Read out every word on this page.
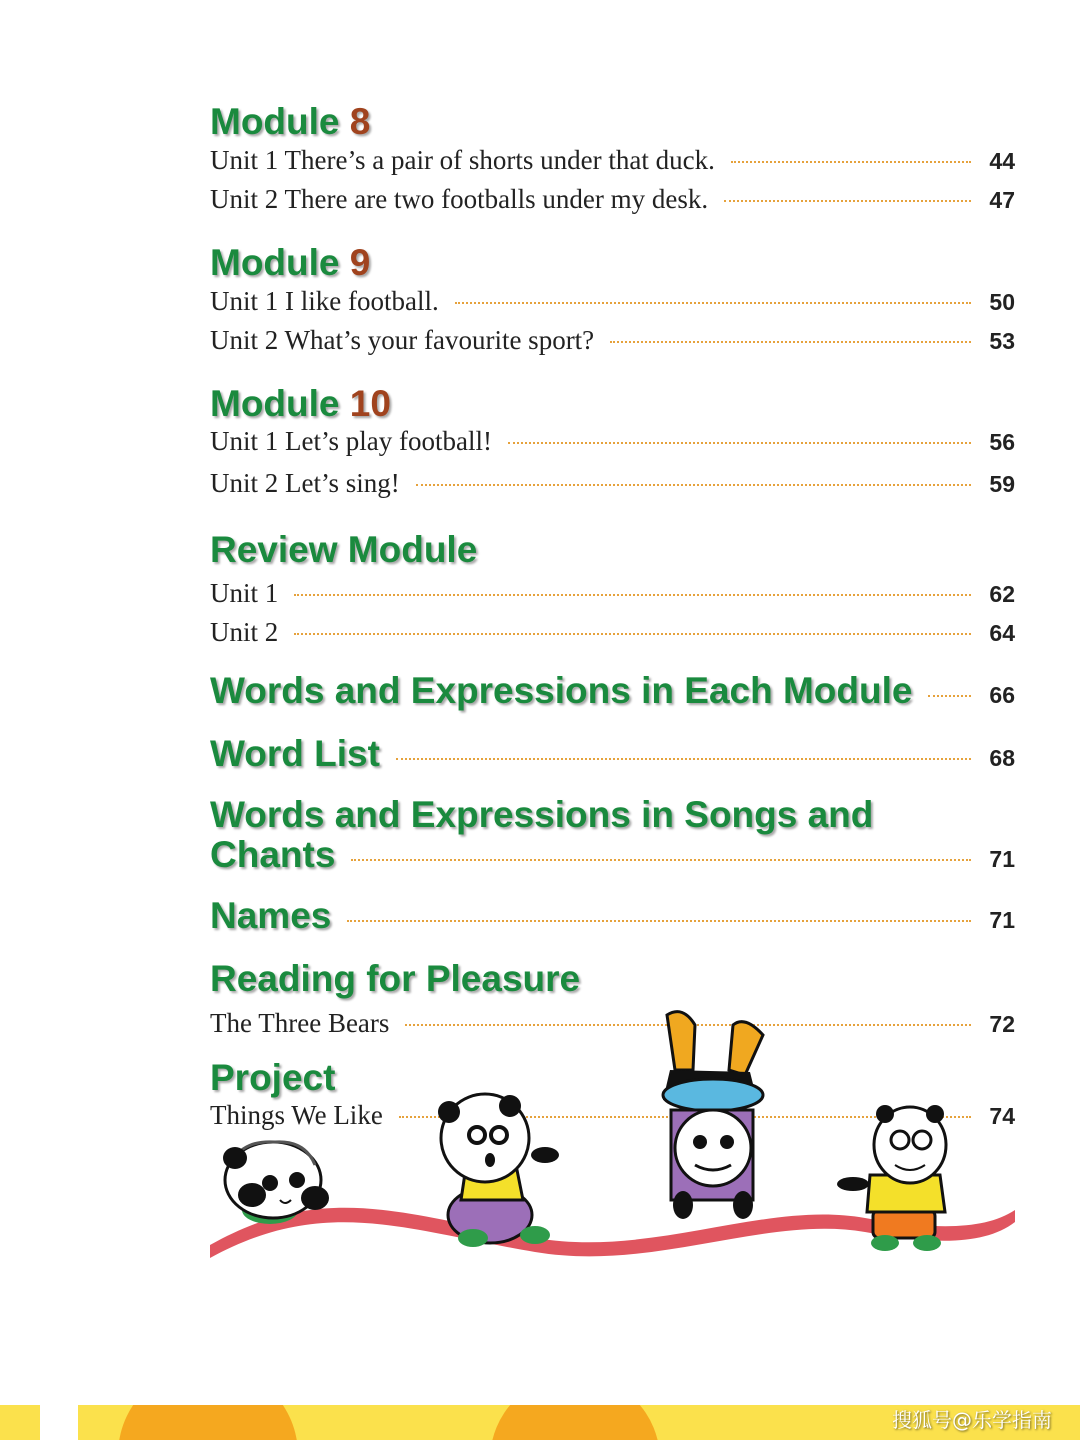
Module 8
Unit 1 There’s a pair of shorts under that duck.	44
Unit 2 There are two footballs under my desk.	47
Module 9
Unit 1 I like football.	50
Unit 2 What’s your favourite sport?	53
Module 10
Unit 1 Let’s play football!	56
Unit 2 Let’s sing!	59
Review Module
Unit 1	62
Unit 2	64
Words and Expressions in Each Module	66
Word List	68
Words and Expressions in Songs and
Chants	71
Names	71
Reading for Pleasure
The Three Bears	72
Project
Things We Like	74
搜狐号@乐学指南
